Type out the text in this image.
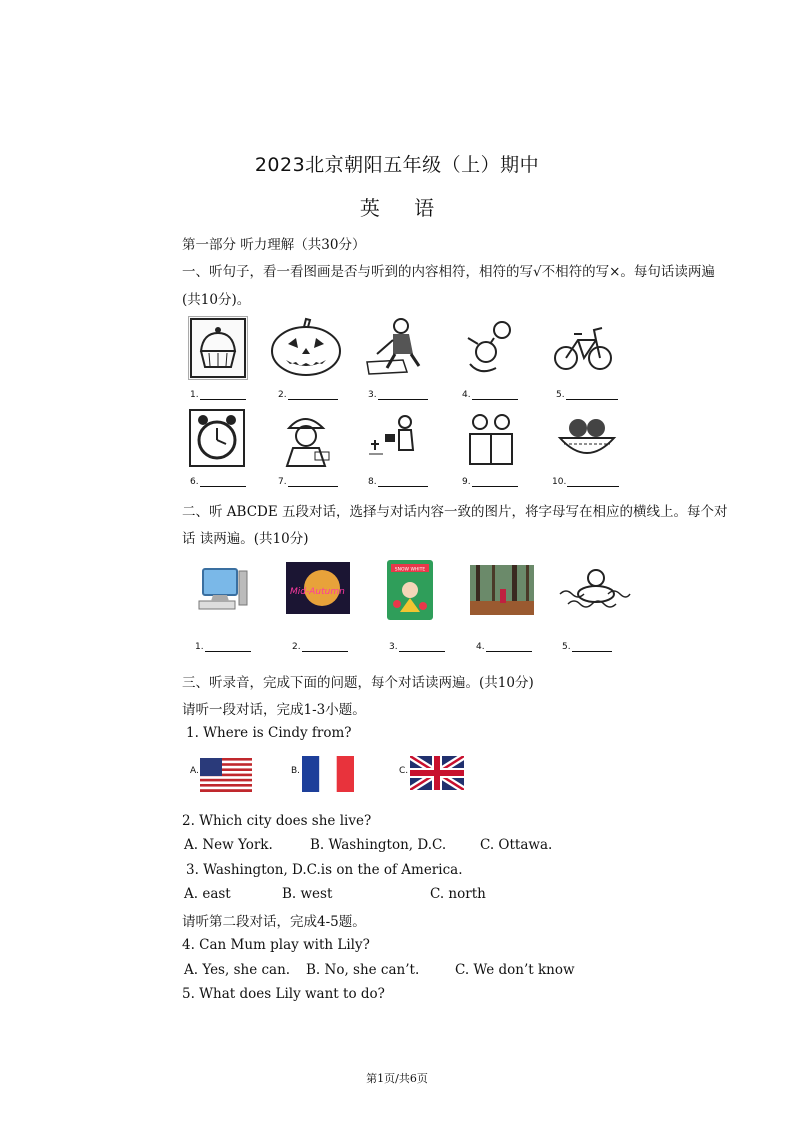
2023北京朝阳五年级（上）期中
英 语
第一部分 听力理解（共30分）
一、听句子，看一看图画是否与听到的内容相符，相符的写√不相符的写×。每句话读两遍
(共10分)。
1.	2.	3.	4.	5.
6.	7.	8.	9.	10.
二、听 ABCDE 五段对话，选择与对话内容一致的图片，将字母写在相应的横线上。每个对
话 读两遍。(共10分)
Mid-Autumn
SNOW WHITE
1.	2.	3.	4.	5.
三、听录音，完成下面的问题，每个对话读两遍。(共10分)
请听一段对话，完成1-3小题。
1. Where is Cindy from?
A.	B.	C.
2. Which city does she live?
A. New York.	B. Washington, D.C.	C. Ottawa.
3. Washington, D.C.is on the of America.
A. east	B. west	C. north
请听第二段对话，完成4-5题。
4. Can Mum play with Lily?
A. Yes, she can. B. No, she can’t.	C. We don’t know
5. What does Lily want to do?
第1页/共6页
